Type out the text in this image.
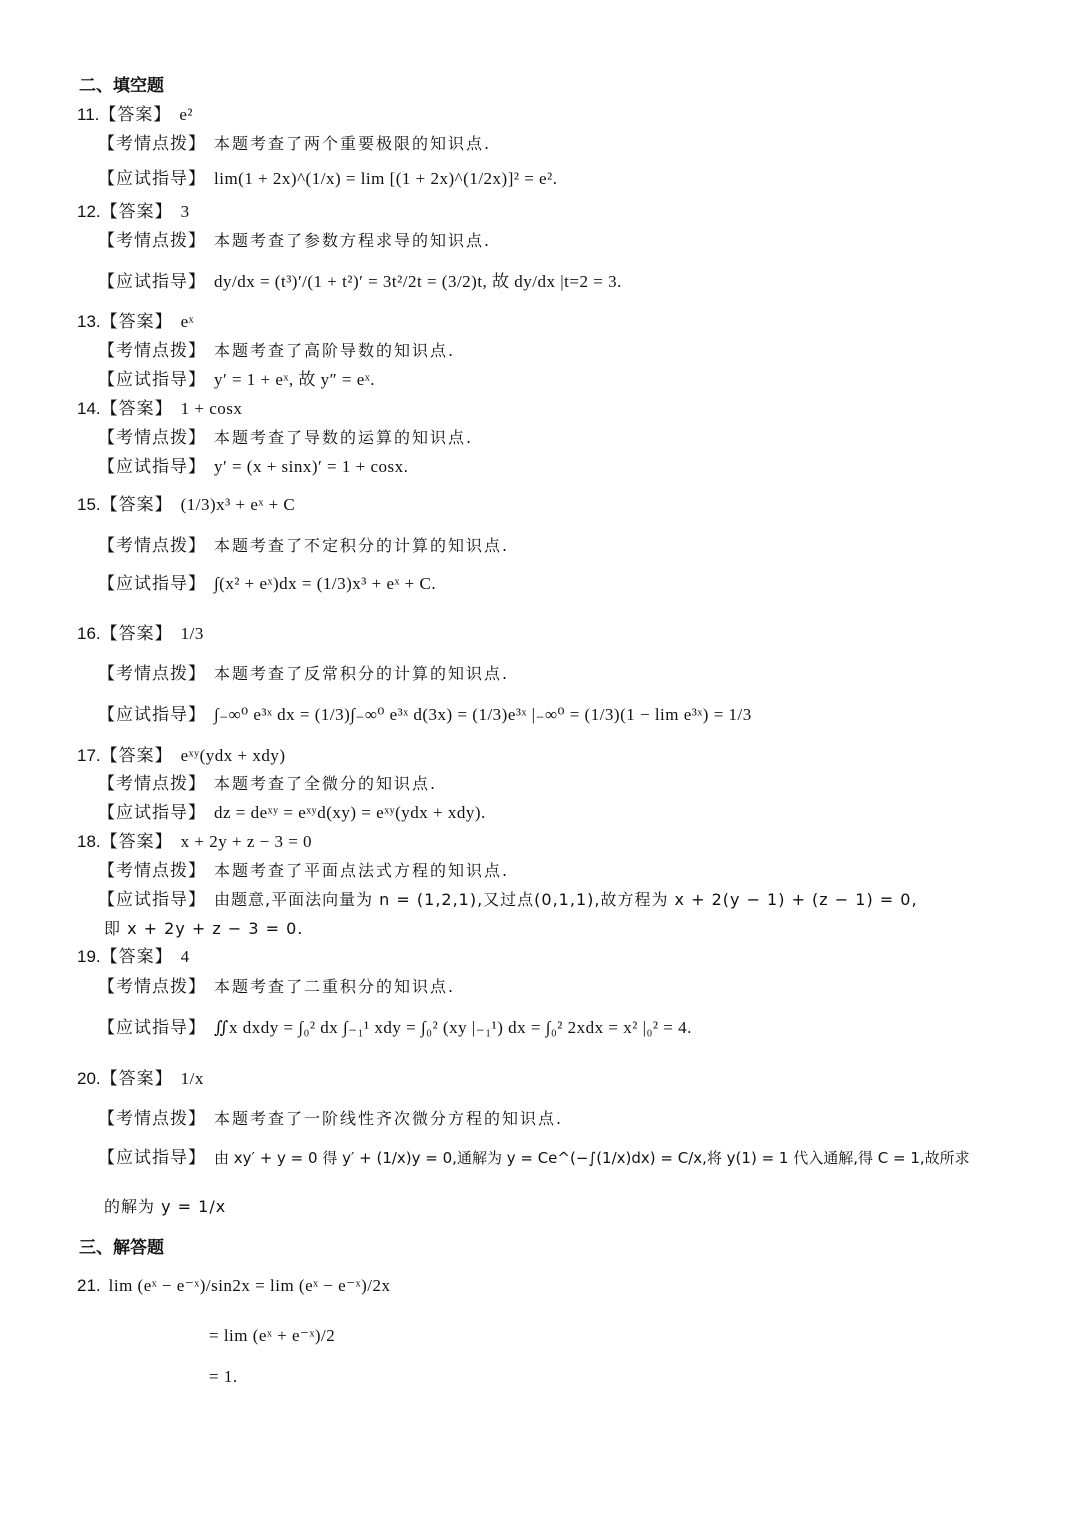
二、填空题
11.【答案】 e²
【考情点拨】 本题考查了两个重要极限的知识点.
【应试指导】 lim(1 + 2x)^(1/x) = lim [(1 + 2x)^(1/2x)]² = e².
12.【答案】 3
【考情点拨】 本题考查了参数方程求导的知识点.
【应试指导】 dy/dx = (t³)′/(1 + t²)′ = 3t²/2t = (3/2)t, 故 dy/dx |t=2 = 3.
13.【答案】 eˣ
【考情点拨】 本题考查了高阶导数的知识点.
【应试指导】 y′ = 1 + eˣ, 故 y″ = eˣ.
14.【答案】 1 + cosx
【考情点拨】 本题考查了导数的运算的知识点.
【应试指导】 y′ = (x + sinx)′ = 1 + cosx.
15.【答案】 (1/3)x³ + eˣ + C
【考情点拨】 本题考查了不定积分的计算的知识点.
【应试指导】 ∫(x² + eˣ)dx = (1/3)x³ + eˣ + C.
16.【答案】 1/3
【考情点拨】 本题考查了反常积分的计算的知识点.
【应试指导】 ∫₋∞⁰ e³ˣ dx = (1/3)∫₋∞⁰ e³ˣ d(3x) = (1/3)e³ˣ |₋∞⁰ = (1/3)(1 − lim e³ˣ) = 1/3
17.【答案】 eˣʸ(ydx + xdy)
【考情点拨】 本题考查了全微分的知识点.
【应试指导】 dz = deˣʸ = eˣʸd(xy) = eˣʸ(ydx + xdy).
18.【答案】 x + 2y + z − 3 = 0
【考情点拨】 本题考查了平面点法式方程的知识点.
【应试指导】 由题意,平面法向量为 n = (1,2,1),又过点(0,1,1),故方程为 x + 2(y − 1) + (z − 1) = 0,
即 x + 2y + z − 3 = 0.
19.【答案】 4
【考情点拨】 本题考查了二重积分的知识点.
【应试指导】 ∬x dxdy = ∫₀² dx ∫₋₁¹ xdy = ∫₀² (xy |₋₁¹) dx = ∫₀² 2xdx = x² |₀² = 4.
20.【答案】 1/x
【考情点拨】 本题考查了一阶线性齐次微分方程的知识点.
【应试指导】 由 xy′ + y = 0 得 y′ + (1/x)y = 0,通解为 y = Ce^(−∫(1/x)dx) = C/x,将 y(1) = 1 代入通解,得 C = 1,故所求
的解为 y = 1/x
三、解答题
21. lim (eˣ − e⁻ˣ)/sin2x = lim (eˣ − e⁻ˣ)/2x
= lim (eˣ + e⁻ˣ)/2
= 1.
